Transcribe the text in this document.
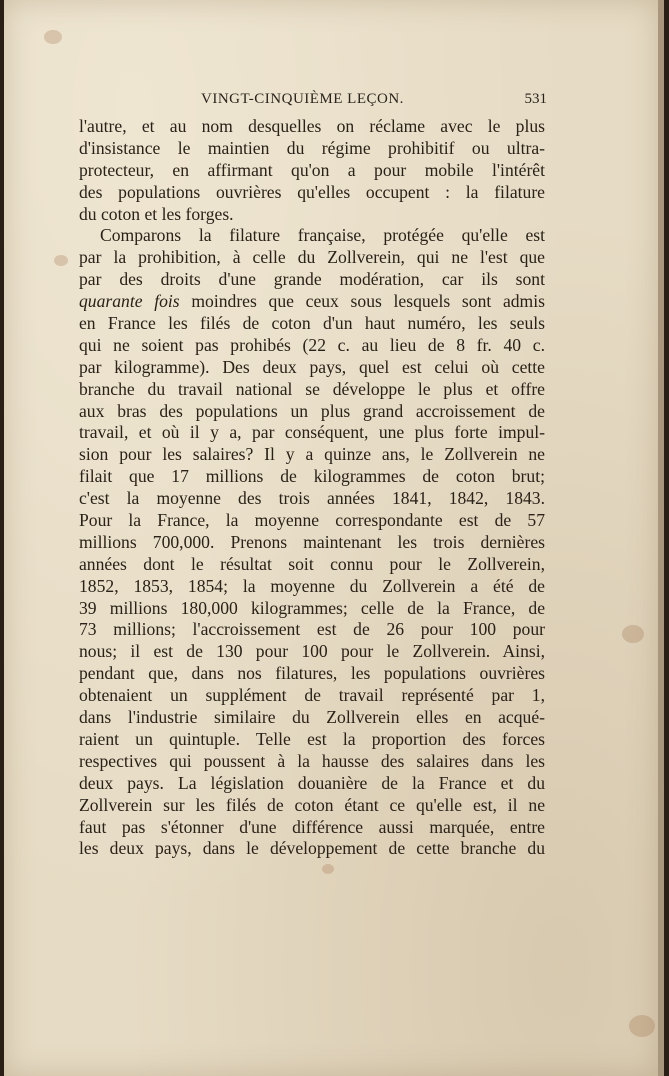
VINGT-CINQUIÈME LEÇON.	531
l'autre, et au nom desquelles on réclame avec le plus
d'insistance le maintien du régime prohibitif ou ultra-
protecteur, en affirmant qu'on a pour mobile l'intérêt
des populations ouvrières qu'elles occupent : la filature
du coton et les forges.
Comparons la filature française, protégée qu'elle est
par la prohibition, à celle du Zollverein, qui ne l'est que
par des droits d'une grande modération, car ils sont
quarante fois moindres que ceux sous lesquels sont admis
en France les filés de coton d'un haut numéro, les seuls
qui ne soient pas prohibés (22 c. au lieu de 8 fr. 40 c.
par kilogramme). Des deux pays, quel est celui où cette
branche du travail national se développe le plus et offre
aux bras des populations un plus grand accroissement de
travail, et où il y a, par conséquent, une plus forte impul-
sion pour les salaires? Il y a quinze ans, le Zollverein ne
filait que 17 millions de kilogrammes de coton brut;
c'est la moyenne des trois années 1841, 1842, 1843.
Pour la France, la moyenne correspondante est de 57
millions 700,000. Prenons maintenant les trois dernières
années dont le résultat soit connu pour le Zollverein,
1852, 1853, 1854; la moyenne du Zollverein a été de
39 millions 180,000 kilogrammes; celle de la France, de
73 millions; l'accroissement est de 26 pour 100 pour
nous; il est de 130 pour 100 pour le Zollverein. Ainsi,
pendant que, dans nos filatures, les populations ouvrières
obtenaient un supplément de travail représenté par 1,
dans l'industrie similaire du Zollverein elles en acqué-
raient un quintuple. Telle est la proportion des forces
respectives qui poussent à la hausse des salaires dans les
deux pays. La législation douanière de la France et du
Zollverein sur les filés de coton étant ce qu'elle est, il ne
faut pas s'étonner d'une différence aussi marquée, entre
les deux pays, dans le développement de cette branche du
